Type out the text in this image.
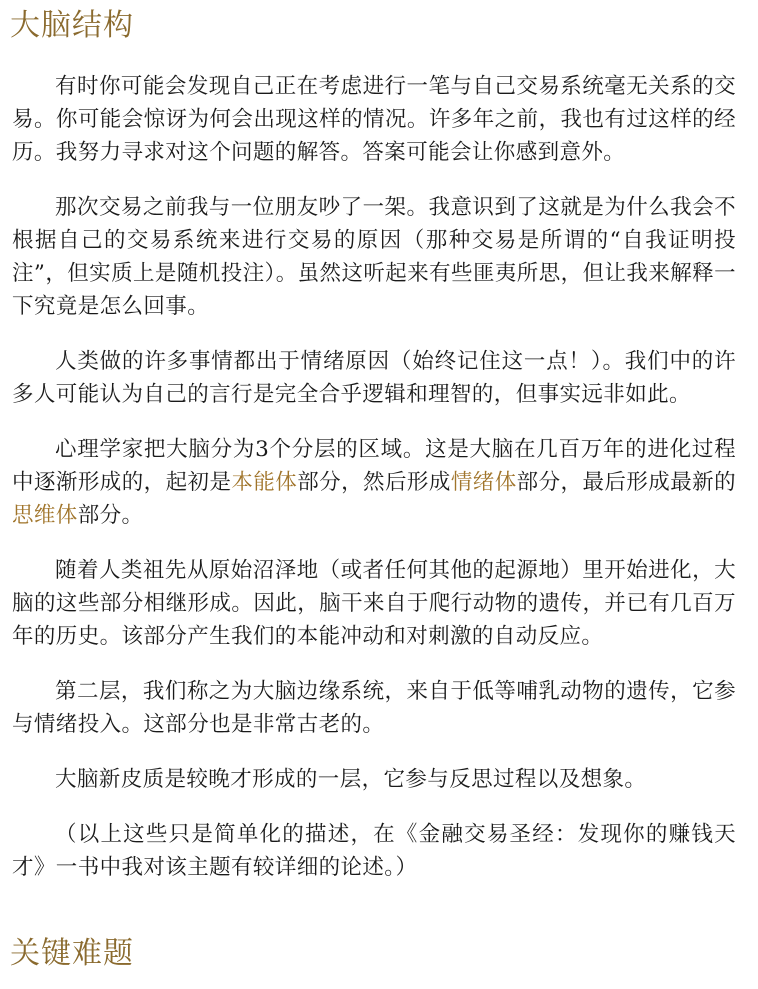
大脑结构

有时你可能会发现自己正在考虑进行一笔与自己交易系统毫无关系的交易。你可能会惊讶为何会出现这样的情况。许多年之前，我也有过这样的经历。我努力寻求对这个问题的解答。答案可能会让你感到意外。

那次交易之前我与一位朋友吵了一架。我意识到了这就是为什么我会不根据自己的交易系统来进行交易的原因（那种交易是所谓的“自我证明投注”，但实质上是随机投注）。虽然这听起来有些匪夷所思，但让我来解释一下究竟是怎么回事。

人类做的许多事情都出于情绪原因（始终记住这一点！）。我们中的许多人可能认为自己的言行是完全合乎逻辑和理智的，但事实远非如此。

心理学家把大脑分为3个分层的区域。这是大脑在几百万年的进化过程中逐渐形成的，起初是本能体部分，然后形成情绪体部分，最后形成最新的思维体部分。

随着人类祖先从原始沼泽地（或者任何其他的起源地）里开始进化，大脑的这些部分相继形成。因此，脑干来自于爬行动物的遗传，并已有几百万年的历史。该部分产生我们的本能冲动和对刺激的自动反应。

第二层，我们称之为大脑边缘系统，来自于低等哺乳动物的遗传，它参与情绪投入。这部分也是非常古老的。

大脑新皮质是较晚才形成的一层，它参与反思过程以及想象。

（以上这些只是简单化的描述，在《金融交易圣经：发现你的赚钱天才》一书中我对该主题有较详细的论述。）

关键难题
